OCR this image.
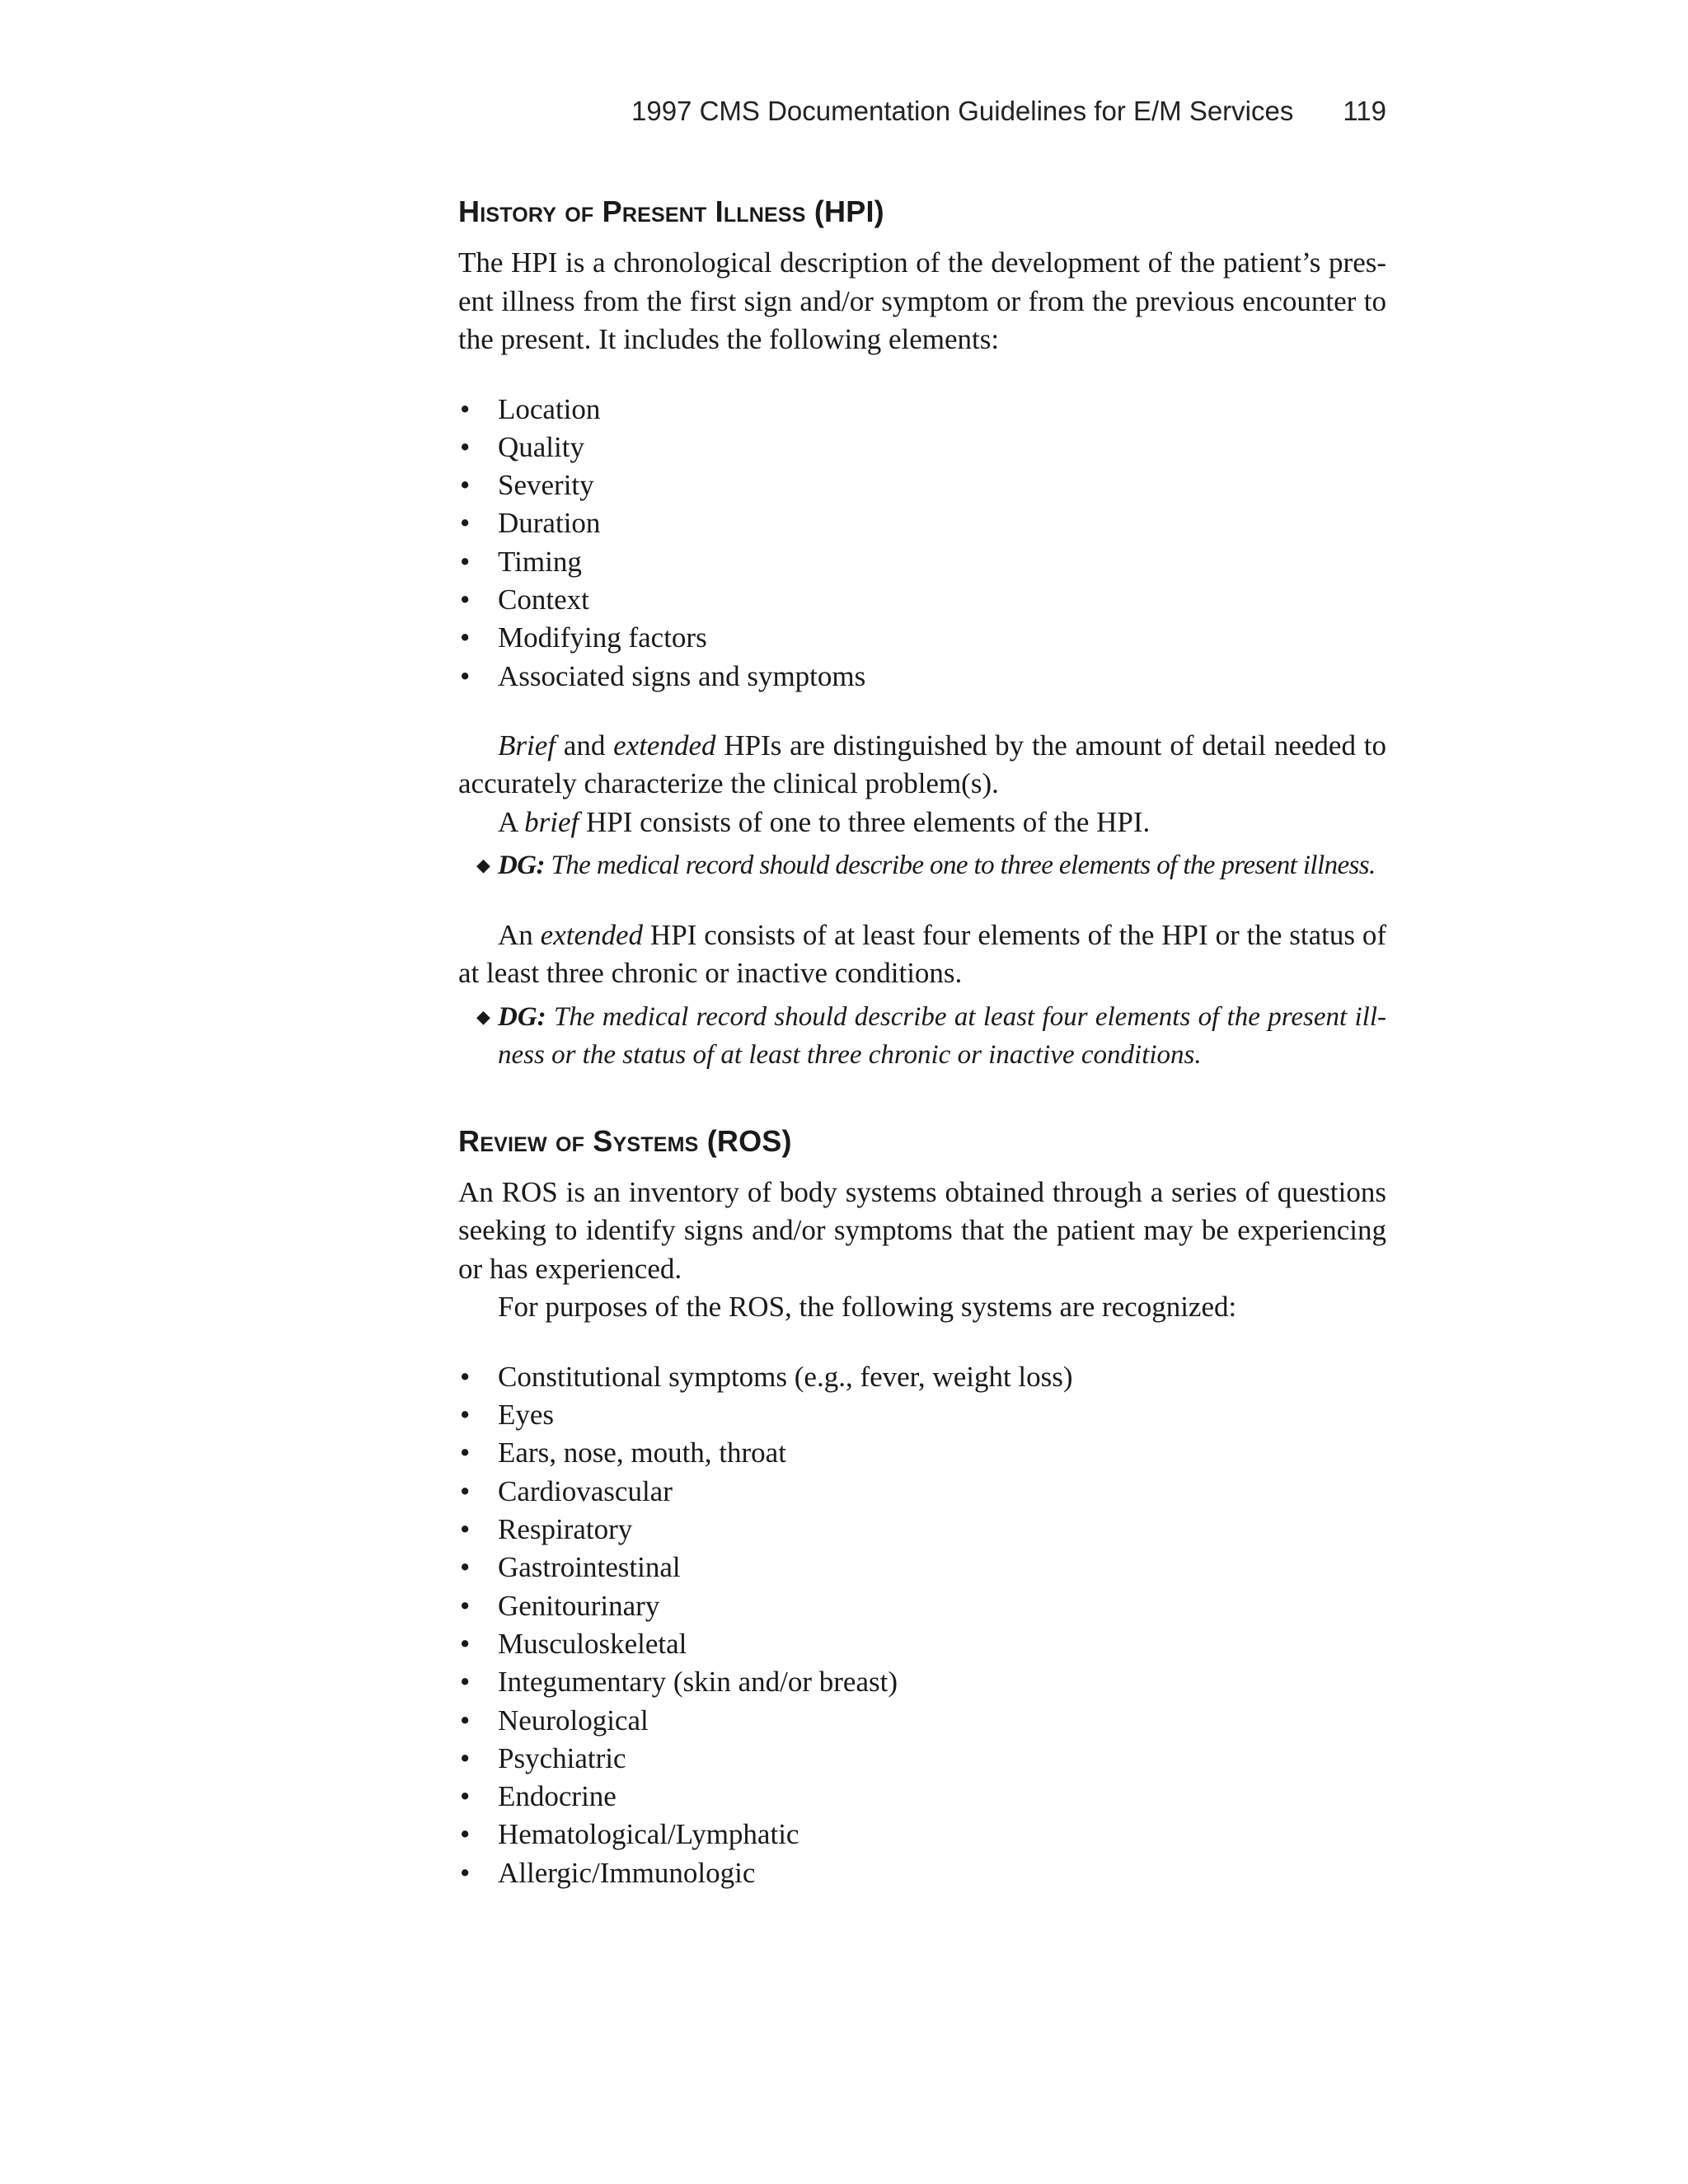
1997 CMS Documentation Guidelines for E/M Services 119
History of Present Illness (HPI)

The HPI is a chronological description of the development of the patient’s pres- ent illness from the first sign and/or symptom or from the previous encounter to the present. It includes the following elements:

• Location
• Quality
• Severity
• Duration
• Timing
• Context
• Modifying factors
• Associated signs and symptoms

Brief and extended HPIs are distinguished by the amount of detail needed to accurately characterize the clinical problem(s).

A brief HPI consists of one to three elements of the HPI.

◆ DG: The medical record should describe one to three elements of the present illness.

An extended HPI consists of at least four elements of the HPI or the status of at least three chronic or inactive conditions.

◆ DG: The medical record should describe at least four elements of the present ill- ness or the status of at least three chronic or inactive conditions.
Review of Systems (ROS)

An ROS is an inventory of body systems obtained through a series of questions seeking to identify signs and/or symptoms that the patient may be experiencing or has experienced.

For purposes of the ROS, the following systems are recognized:

• Constitutional symptoms (e.g., fever, weight loss)
• Eyes
• Ears, nose, mouth, throat
• Cardiovascular
• Respiratory
• Gastrointestinal
• Genitourinary
• Musculoskeletal
• Integumentary (skin and/or breast)
• Neurological
• Psychiatric
• Endocrine
• Hematological/Lymphatic
• Allergic/Immunologic
